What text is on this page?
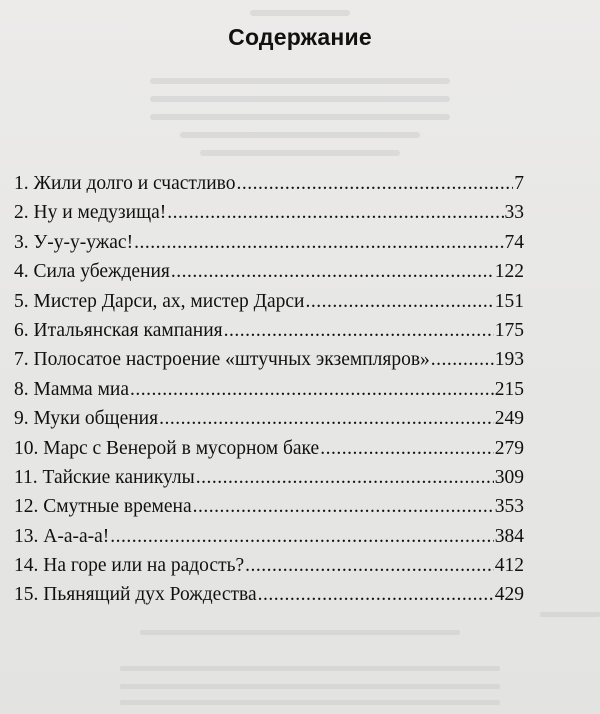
Содержание
1. Жили долго и счастливо .....	7
2. Ну и медузища! .....	33
3. У-у-у-ужас! .....	74
4. Сила убеждения .....	122
5. Мистер Дарси, ах, мистер Дарси .....	151
6. Итальянская кампания .....	175
7. Полосатое настроение «штучных экземпляров» .....	193
8. Мамма миа .....	215
9. Муки общения .....	249
10. Марс с Венерой в мусорном баке .....	279
11. Тайские каникулы .....	309
12. Смутные времена .....	353
13. А-а-а-а! .....	384
14. На горе или на радость? .....	412
15. Пьянящий дух Рождества .....	429
